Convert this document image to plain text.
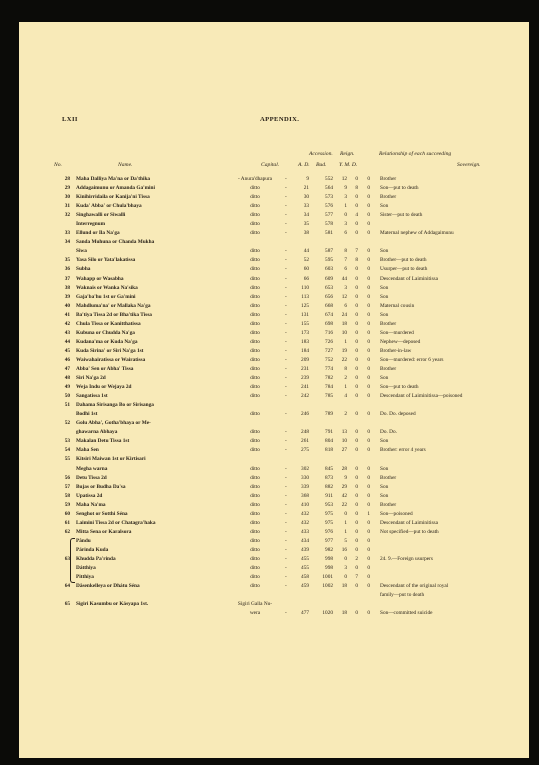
LXII	APPENDIX.
Accession. Reign.	Relationship of each succeeding
No.	Name.	Capital.	A. D. Bud. Y. M. D.	Sovereign.
28 Maha Dalliya Ma'na or Da'thika	- Anura'dhapura	9	552	12	0	0 Brother
-
29 Addagaimunu or Amanda Ga'mini	ditto	21	564	9	8	0 Son—put to death
-
30 Kinihirridaila or Kanija'ni Tissa	ditto	30	573	3	0	0 Brother
-
31 Kuda' Abba' or Chula'bhaya	ditto	33	576	1	0	0 Son
-
32 Singhawalli or Siwalli	ditto	34	577	0	4	0 Sister—put to death
-
Interregnum	ditto	35	578	3	0	0
-
33 Ellund or Ila Na'ga	ditto	38	581	6	0	0 Maternal nephew of Addagaimunu
-
34 Sanda Muhuna or Chanda Mukha
Siwa	ditto	44	587	8	7	0 Son
-
35 Yasa Silo or Yata'lakatissa	ditto	52	595	7	8	0 Brother—put to death
-
36 Subha	ditto	60	603	6	0	0 Usurper—put to death
-
37 Wahapp or Wasabha	ditto	66	609	44	0	0 Descendant of Laiminitissa
-
38 Waknais or Wanka Na'sika	ditto	110	653	3	0	0 Son
-
39 Gaja'ba'hu 1st or Ga'mini	ditto	113	656	12	0	0 Son
-
40 Mahdluma'na' or Mallaka Na'ga	ditto	125	668	6	0	0 Maternal cousin
-
41 Ba'tiya Tissa 2d or Bha'tika Tissa	ditto	131	674	24	0	0 Son
-
42 Chula Tissa or Kanitthatissa	ditto	155	698	18	0	0 Brother
-
43 Kubuna or Chudda Na'ga	ditto	173	716	10	0	0 Son—murdered
-
44 Kudana'ma or Kuda Na'ga	ditto	183	726	1	0	0 Nephew—deposed
-
45 Kuda Sirina' or Siri Na'ga 1st	ditto	184	727	19	0	0 Brother-in-law
-
46 Waiwahairatissa or Wairatissa	ditto	209	752	22	0	0 Son—murdered: error 6 years
-
47 Abba' Sen or Abha' Tissa	ditto	231	774	8	0	0 Brother
-
48 Siri Na'ga 2d	ditto	239	782	2	0	0 Son
-
49 Weja Indu or Wejaya 2d	ditto	241	784	1	0	0 Son—put to death
-
50 Sangatissa 1st	ditto	242	785	4	0	0 Descendant of Laiminitissa—poisoned
-
51 Dahama Sirisanga Bo or Sirisanga
Bodhi 1st	ditto	246	789	2	0	0 Do. Do. deposed
-
52 Golu Abha', Gotha'bhaya or Me-
ghawarna Abhaya	ditto	248	791	13	0	0 Do. Do.
-
53 Makalan Detu Tissa 1st	ditto	261	804	10	0	0 Son
-
54 Maha Sen	ditto	275	818	27	0	0 Brother: error 4 years
-
55 Kitsiri Maiwan 1st or Kirtisari
Megha warna	ditto	302	845	28	0	0 Son
-
56 Detu Tissa 2d	ditto	330	873	9	0	0 Brother
-
57 Bujas or Budha Da'sa	ditto	339	882	29	0	0 Son
-
58 Upatissa 2d	ditto	368	911	42	0	0 Son
-
59 Maha Na'ma	ditto	410	953	22	0	0 Brother
-
60 Senghot or Sotthi Séna	ditto	432	975	0	0	1 Son—poisoned
-
61 Laimini Tissa 2d or Chatagra'haka	ditto	432	975	1	0	0 Descendant of Laiminitissa
-
62 Mitta Sena or Karalsora	ditto	433	976	1	0	0 Not specified—put to death
-
Pându	ditto	434	977	5	0	0
-
Párinda Kuda	ditto	439	982	16	0	0
-
63 Khudda Pa'rinda	ditto	455	998	0	2	0 24. 9.—Foreign usurpers
-
Dátthiya	ditto	455	998	3	0	0
-
Pitthiya	ditto	458	1001	0	7	0
-
64 Dâsenkelleya or Dhátu Séna	ditto	459	1002	18	0	0 Descendant of the original royal
-
family—put to death
65 Sigiri Kasumbu or Kásyapa 1st.	Sigiri Galla Nu-
wera	477	1020	18	0	0 Son—committed suicide
-
